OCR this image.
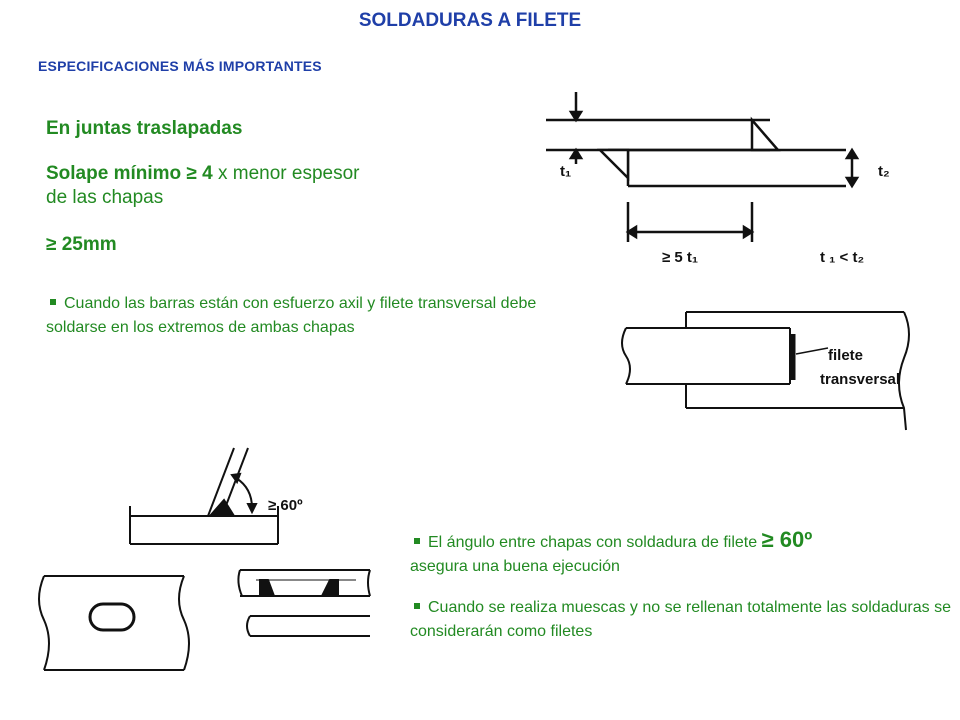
SOLDADURAS A FILETE
ESPECIFICACIONES MÁS IMPORTANTES
En juntas traslapadas
Solape mínimo ≥ 4 x menor espesor de las chapas
≥ 25mm
Cuando las barras están con esfuerzo axil y filete transversal debe soldarse en los extremos de ambas chapas
El ángulo entre chapas con soldadura de filete ≥ 60º
asegura una buena ejecución
Cuando se realiza muescas y no se rellenan totalmente las soldaduras se considerarán como filetes
t₁	t₂
≥ 5 t₁	t ₁ < t₂
filete
transversal
≥ 60º
